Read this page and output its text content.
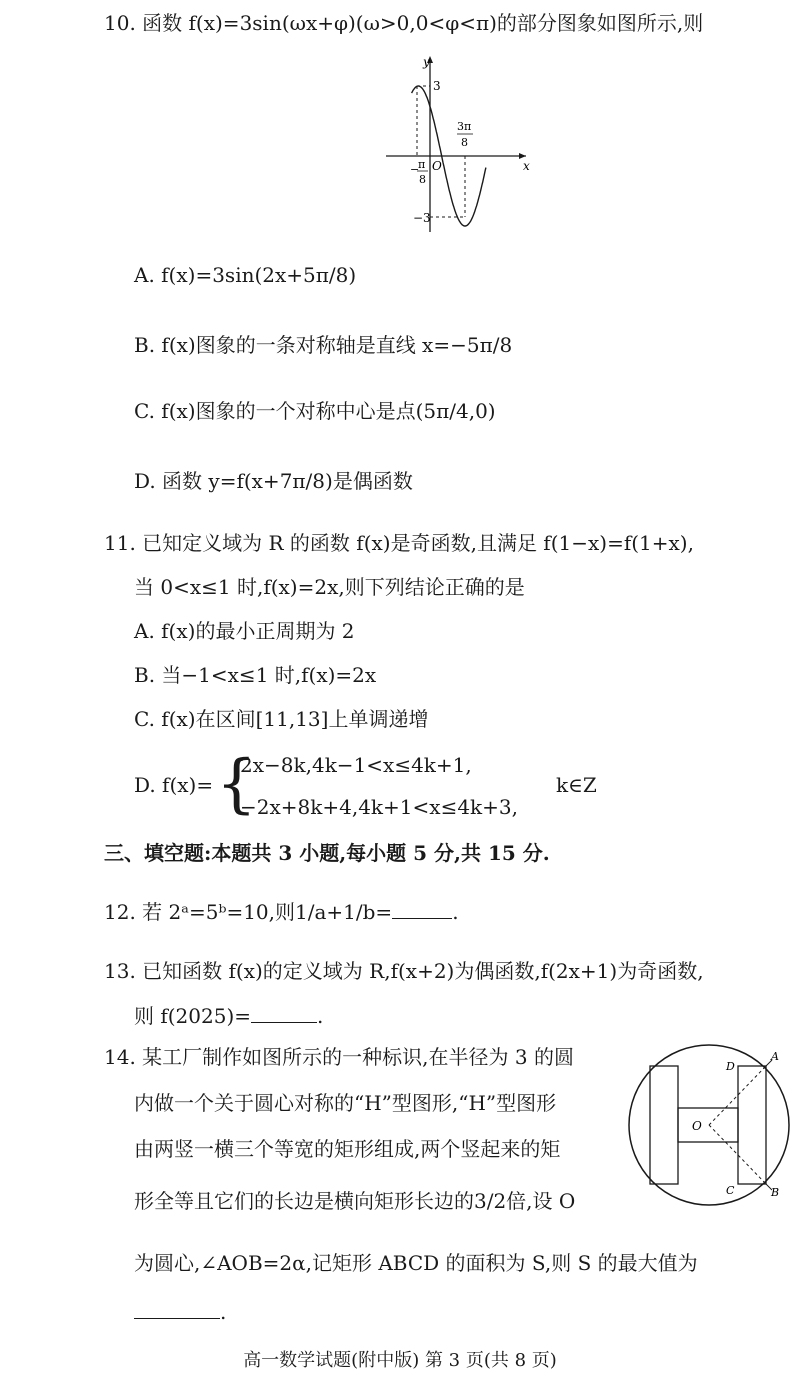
10. 函数 f(x)=3sin(ωx+φ)(ω>0,0<φ<π)的部分图象如图所示,则
y
x
O
3
−3
−
π
8
3π
8
A. f(x)=3sin(2x+5π/8)
B. f(x)图象的一条对称轴是直线 x=−5π/8
C. f(x)图象的一个对称中心是点(5π/4,0)
D. 函数 y=f(x+7π/8)是偶函数
11. 已知定义域为 R 的函数 f(x)是奇函数,且满足 f(1−x)=f(1+x),
当 0<x≤1 时,f(x)=2x,则下列结论正确的是
A. f(x)的最小正周期为 2
B. 当−1<x≤1 时,f(x)=2x
C. f(x)在区间[11,13]上单调递增
D. f(x)= {
2x−8k,4k−1<x≤4k+1,
−2x+8k+4,4k+1<x≤4k+3,
k∈Z
三、填空题:本题共 3 小题,每小题 5 分,共 15 分.
12. 若 2ᵃ=5ᵇ=10,则1/a+1/b=	.
13. 已知函数 f(x)的定义域为 R,f(x+2)为偶函数,f(2x+1)为奇函数,
则 f(2025)=	.
14. 某工厂制作如图所示的一种标识,在半径为 3 的圆
内做一个关于圆心对称的“H”型图形,“H”型图形
由两竖一横三个等宽的矩形组成,两个竖起来的矩
形全等且它们的长边是横向矩形长边的3/2倍,设 O
为圆心,∠AOB=2α,记矩形 ABCD 的面积为 S,则 S 的最大值为
.
O
D
A
C	B
高一数学试题(附中版) 第 3 页(共 8 页)
